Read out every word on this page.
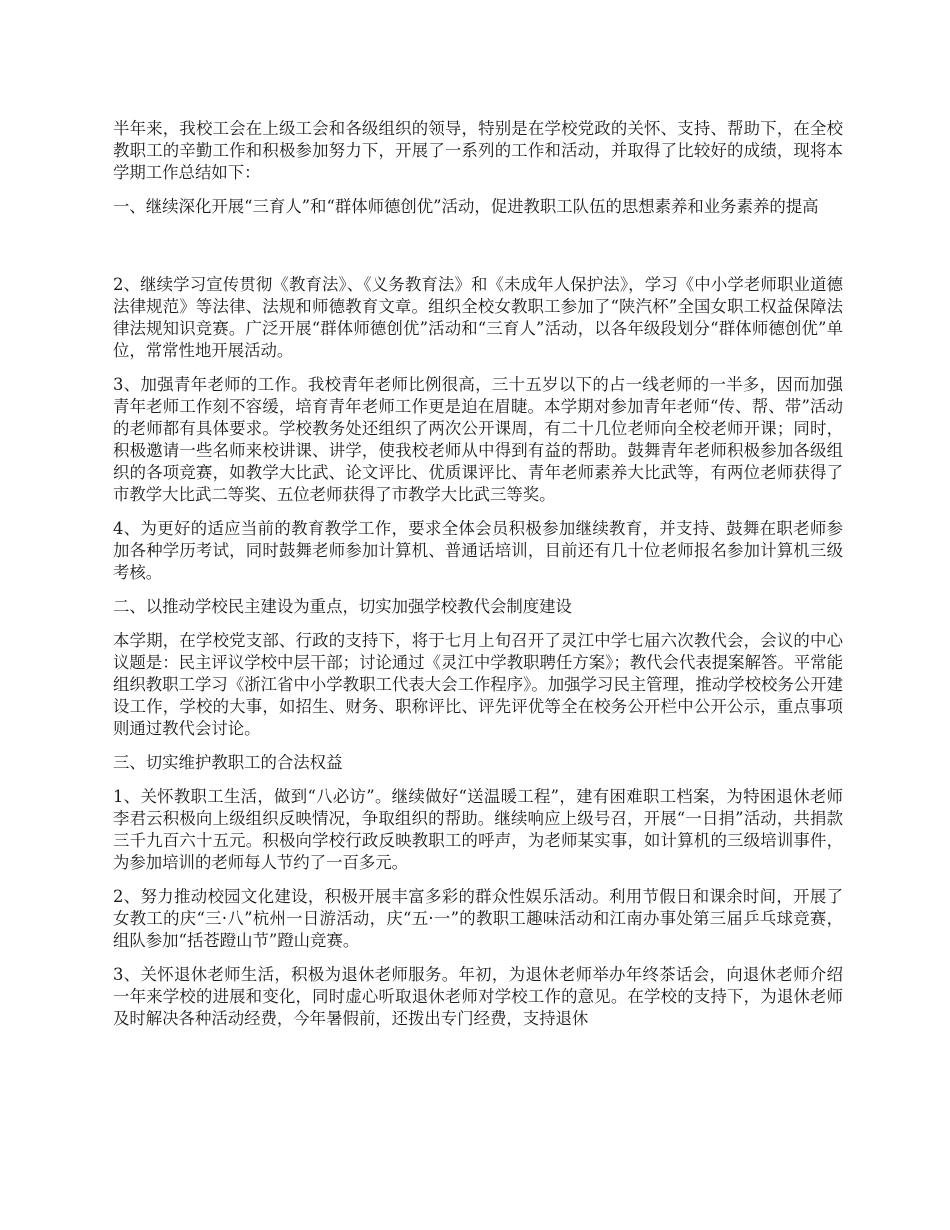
半年来，我校工会在上级工会和各级组织的领导，特别是在学校党政的关怀、支持、帮助下，在全校教职工的辛勤工作和积极参加努力下，开展了一系列的工作和活动，并取得了比较好的成绩，现将本学期工作总结如下：

一、继续深化开展“三育人”和“群体师德创优”活动，促进教职工队伍的思想素养和业务素养的提高

2、继续学习宣传贯彻《教育法》、《义务教育法》和《未成年人保护法》，学习《中小学老师职业道德法律规范》等法律、法规和师德教育文章。组织全校女教职工参加了“陕汽杯”全国女职工权益保障法律法规知识竞赛。广泛开展“群体师德创优”活动和“三育人”活动，以各年级段划分“群体师德创优”单位，常常性地开展活动。

3、加强青年老师的工作。我校青年老师比例很高，三十五岁以下的占一线老师的一半多，因而加强青年老师工作刻不容缓，培育青年老师工作更是迫在眉睫。本学期对参加青年老师“传、帮、带”活动的老师都有具体要求。学校教务处还组织了两次公开课周，有二十几位老师向全校老师开课；同时，积极邀请一些名师来校讲课、讲学，使我校老师从中得到有益的帮助。鼓舞青年老师积极参加各级组织的各项竞赛，如教学大比武、论文评比、优质课评比、青年老师素养大比武等，有两位老师获得了市教学大比武二等奖、五位老师获得了市教学大比武三等奖。

4、为更好的适应当前的教育教学工作，要求全体会员积极参加继续教育，并支持、鼓舞在职老师参加各种学历考试，同时鼓舞老师参加计算机、普通话培训，目前还有几十位老师报名参加计算机三级考核。

二、以推动学校民主建设为重点，切实加强学校教代会制度建设

本学期，在学校党支部、行政的支持下，将于七月上旬召开了灵江中学七届六次教代会，会议的中心议题是：民主评议学校中层干部；讨论通过《灵江中学教职聘任方案》；教代会代表提案解答。平常能组织教职工学习《浙江省中小学教职工代表大会工作程序》。加强学习民主管理，推动学校校务公开建设工作，学校的大事，如招生、财务、职称评比、评先评优等全在校务公开栏中公开公示，重点事项则通过教代会讨论。

三、切实维护教职工的合法权益

1、关怀教职工生活，做到“八必访”。继续做好“送温暖工程”，建有困难职工档案，为特困退休老师李君云积极向上级组织反映情况，争取组织的帮助。继续响应上级号召，开展“一日捐”活动，共捐款三千九百六十五元。积极向学校行政反映教职工的呼声，为老师某实事，如计算机的三级培训事件，为参加培训的老师每人节约了一百多元。

2、努力推动校园文化建设，积极开展丰富多彩的群众性娱乐活动。利用节假日和课余时间，开展了女教工的庆“三·八”杭州一日游活动，庆“五·一”的教职工趣味活动和江南办事处第三届乒乓球竞赛，组队参加“括苍蹬山节”蹬山竞赛。

3、关怀退休老师生活，积极为退休老师服务。年初，为退休老师举办年终茶话会，向退休老师介绍一年来学校的进展和变化，同时虚心听取退休老师对学校工作的意见。在学校的支持下，为退休老师及时解决各种活动经费，今年暑假前，还拨出专门经费，支持退休
